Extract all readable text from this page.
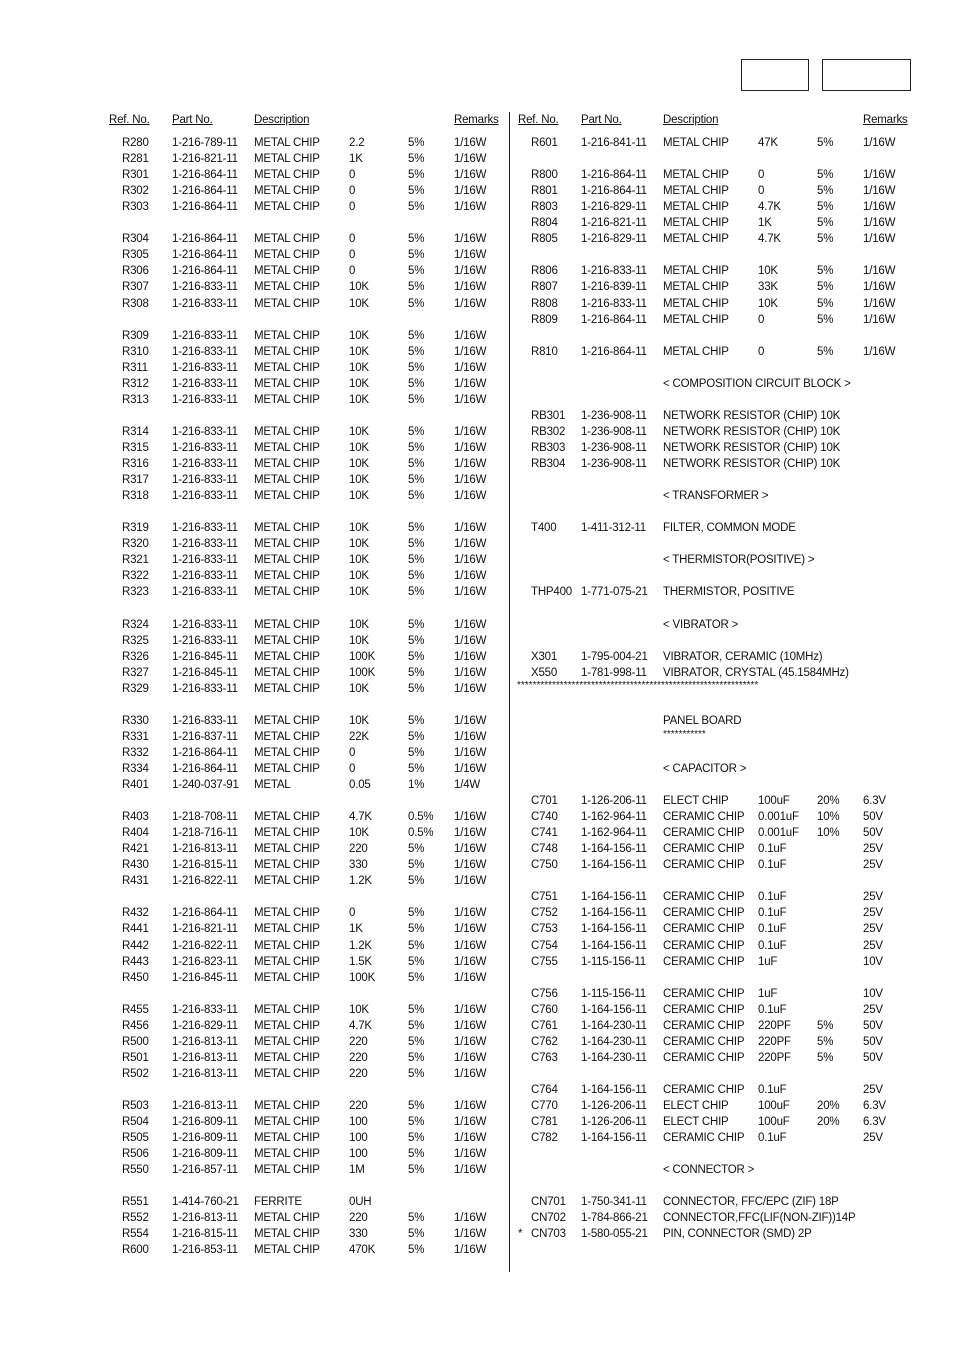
Ref. No. Part No.	Description	Remarks Ref. No. Part No.	Description	Remarks
R280 1-216-789-11 METAL CHIP	2.2	5%	1/16W
R281 1-216-821-11 METAL CHIP	1K	5%	1/16W
R301 1-216-864-11 METAL CHIP	0	5%	1/16W
R302 1-216-864-11 METAL CHIP	0	5%	1/16W
R303 1-216-864-11 METAL CHIP	0	5%	1/16W
R304 1-216-864-11 METAL CHIP	0	5%	1/16W
R305 1-216-864-11 METAL CHIP	0	5%	1/16W
R306 1-216-864-11 METAL CHIP	0	5%	1/16W
R307 1-216-833-11 METAL CHIP	10K	5%	1/16W
R308 1-216-833-11 METAL CHIP	10K	5%	1/16W
R309 1-216-833-11 METAL CHIP	10K	5%	1/16W
R310 1-216-833-11 METAL CHIP	10K	5%	1/16W
R311 1-216-833-11 METAL CHIP	10K	5%	1/16W
R312 1-216-833-11 METAL CHIP	10K	5%	1/16W
R313 1-216-833-11 METAL CHIP	10K	5%	1/16W
R314 1-216-833-11 METAL CHIP	10K	5%	1/16W
R315 1-216-833-11 METAL CHIP	10K	5%	1/16W
R316 1-216-833-11 METAL CHIP	10K	5%	1/16W
R317 1-216-833-11 METAL CHIP	10K	5%	1/16W
R318 1-216-833-11 METAL CHIP	10K	5%	1/16W
R319 1-216-833-11 METAL CHIP	10K	5%	1/16W
R320 1-216-833-11 METAL CHIP	10K	5%	1/16W
R321 1-216-833-11 METAL CHIP	10K	5%	1/16W
R322 1-216-833-11 METAL CHIP	10K	5%	1/16W
R323 1-216-833-11 METAL CHIP	10K	5%	1/16W
R324 1-216-833-11 METAL CHIP	10K	5%	1/16W
R325 1-216-833-11 METAL CHIP	10K	5%	1/16W
R326 1-216-845-11 METAL CHIP	100K	5%	1/16W
R327 1-216-845-11 METAL CHIP	100K	5%	1/16W
R329 1-216-833-11 METAL CHIP	10K	5%	1/16W
R330 1-216-833-11 METAL CHIP	10K	5%	1/16W
R331 1-216-837-11 METAL CHIP	22K	5%	1/16W
R332 1-216-864-11 METAL CHIP	0	5%	1/16W
R334 1-216-864-11 METAL CHIP	0	5%	1/16W
R401 1-240-037-91 METAL	0.05	1%	1/4W
R403 1-218-708-11 METAL CHIP	4.7K	0.5% 1/16W
R404 1-218-716-11 METAL CHIP	10K	0.5% 1/16W
R421 1-216-813-11 METAL CHIP	220	5%	1/16W
R430 1-216-815-11 METAL CHIP	330	5%	1/16W
R431 1-216-822-11 METAL CHIP	1.2K	5%	1/16W
R432 1-216-864-11 METAL CHIP	0	5%	1/16W
R441 1-216-821-11 METAL CHIP	1K	5%	1/16W
R442 1-216-822-11 METAL CHIP	1.2K	5%	1/16W
R443 1-216-823-11 METAL CHIP	1.5K	5%	1/16W
R450 1-216-845-11 METAL CHIP	100K	5%	1/16W
R455 1-216-833-11 METAL CHIP	10K	5%	1/16W
R456 1-216-829-11 METAL CHIP	4.7K	5%	1/16W
R500 1-216-813-11 METAL CHIP	220	5%	1/16W
R501 1-216-813-11 METAL CHIP	220	5%	1/16W
R502 1-216-813-11 METAL CHIP	220	5%	1/16W
R503 1-216-813-11 METAL CHIP	220	5%	1/16W
R504 1-216-809-11 METAL CHIP	100	5%	1/16W
R505 1-216-809-11 METAL CHIP	100	5%	1/16W
R506 1-216-809-11 METAL CHIP	100	5%	1/16W
R550 1-216-857-11 METAL CHIP	1M	5%	1/16W
R551 1-414-760-21 FERRITE	0UH
R552 1-216-813-11 METAL CHIP	220	5%	1/16W
R554 1-216-815-11 METAL CHIP	330	5%	1/16W
R600 1-216-853-11 METAL CHIP	470K	5%	1/16W
R601 1-216-841-11 METAL CHIP	47K	5%	1/16W
R800 1-216-864-11 METAL CHIP	0	5%	1/16W
R801 1-216-864-11 METAL CHIP	0	5%	1/16W
R803 1-216-829-11 METAL CHIP	4.7K	5%	1/16W
R804 1-216-821-11 METAL CHIP	1K	5%	1/16W
R805 1-216-829-11 METAL CHIP	4.7K	5%	1/16W
R806 1-216-833-11 METAL CHIP	10K	5%	1/16W
R807 1-216-839-11 METAL CHIP	33K	5%	1/16W
R808 1-216-833-11 METAL CHIP	10K	5%	1/16W
R809 1-216-864-11 METAL CHIP	0	5%	1/16W
R810 1-216-864-11 METAL CHIP	0	5%	1/16W
< COMPOSITION CIRCUIT BLOCK >
RB301 1-236-908-11 NETWORK RESISTOR (CHIP) 10K
RB302 1-236-908-11 NETWORK RESISTOR (CHIP) 10K
RB303 1-236-908-11 NETWORK RESISTOR (CHIP) 10K
RB304 1-236-908-11 NETWORK RESISTOR (CHIP) 10K
< TRANSFORMER >
T400 1-411-312-11 FILTER, COMMON MODE
< THERMISTOR(POSITIVE) >
THP400 1-771-075-21 THERMISTOR, POSITIVE
< VIBRATOR >
X301 1-795-004-21 VIBRATOR, CERAMIC (10MHz)
X550 1-781-998-11 VIBRATOR, CRYSTAL (45.1584MHz)
PANEL BOARD
< CAPACITOR >
C701 1-126-206-11 ELECT CHIP	100uF 20% 6.3V
C740 1-162-964-11 CERAMIC CHIP 0.001uF 10% 50V
C741 1-162-964-11 CERAMIC CHIP 0.001uF 10% 50V
C748 1-164-156-11 CERAMIC CHIP 0.1uF	25V
C750 1-164-156-11 CERAMIC CHIP 0.1uF	25V
C751 1-164-156-11 CERAMIC CHIP 0.1uF	25V
C752 1-164-156-11 CERAMIC CHIP 0.1uF	25V
C753 1-164-156-11 CERAMIC CHIP 0.1uF	25V
C754 1-164-156-11 CERAMIC CHIP 0.1uF	25V
C755 1-115-156-11 CERAMIC CHIP 1uF	10V
C756 1-115-156-11 CERAMIC CHIP 1uF	10V
C760 1-164-156-11 CERAMIC CHIP 0.1uF	25V
C761 1-164-230-11 CERAMIC CHIP 220PF 5%	50V
C762 1-164-230-11 CERAMIC CHIP 220PF 5%	50V
C763 1-164-230-11 CERAMIC CHIP 220PF 5%	50V
C764 1-164-156-11 CERAMIC CHIP 0.1uF	25V
C770 1-126-206-11 ELECT CHIP	100uF 20% 6.3V
C781 1-126-206-11 ELECT CHIP	100uF 20% 6.3V
C782 1-164-156-11 CERAMIC CHIP 0.1uF	25V
< CONNECTOR >
CN701 1-750-341-11 CONNECTOR, FFC/EPC (ZIF) 18P
CN702 1-784-866-21 CONNECTOR,FFC(LIF(NON-ZIF))14P
* CN703 1-580-055-21 PIN, CONNECTOR (SMD) 2P
**************************************************************
***********
